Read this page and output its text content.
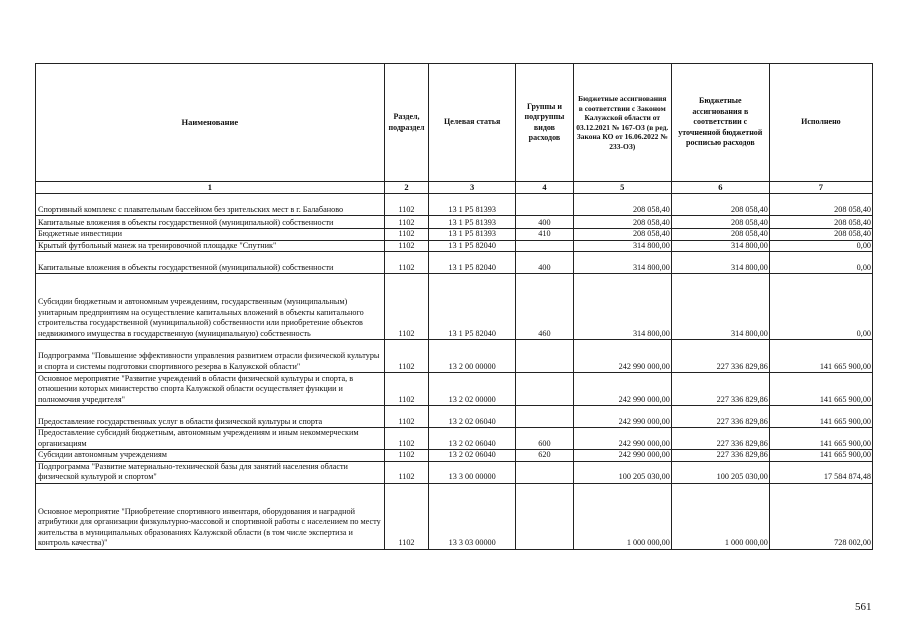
Наименование	Раздел, подраздел	Целевая статья	Группы и подгруппы видов расходов	Бюджетные ассигнования в соответствии с Законом Калужской области от 03.12.2021 № 167-ОЗ (в ред. Закона КО от 16.06.2022 № 233-ОЗ)	Бюджетные ассигнования в соответствии с уточненной бюджетной росписью расходов	Исполнено
1	2	3	4	5	6	7
Спортивный комплекс с плавательным бассейном без зрительских мест в г. Балабаново	1102	13 1 P5 81393		208 058,40	208 058,40	208 058,40
Капитальные вложения в объекты государственной (муниципальной) собственности	1102	13 1 P5 81393	400	208 058,40	208 058,40	208 058,40
Бюджетные инвестиции	1102	13 1 P5 81393	410	208 058,40	208 058,40	208 058,40
Крытый футбольный манеж на тренировочной площадке "Спутник"	1102	13 1 P5 82040		314 800,00	314 800,00	0,00
Капитальные вложения в объекты государственной (муниципальной) собственности	1102	13 1 P5 82040	400	314 800,00	314 800,00	0,00
Субсидии бюджетным и автономным учреждениям, государственным (муниципальным) унитарным предприятиям на осуществление капитальных вложений в объекты капитального строительства государственной (муниципальной) собственности или приобретение объектов недвижимого имущества в государственную (муниципальную) собственность	1102	13 1 P5 82040	460	314 800,00	314 800,00	0,00
Подпрограмма "Повышение эффективности управления развитием отрасли физической культуры и спорта и системы подготовки спортивного резерва в Калужской области"	1102	13 2 00 00000		242 990 000,00	227 336 829,86	141 665 900,00
Основное мероприятие "Развитие учреждений в области физической культуры и спорта, в отношении которых министерство спорта Калужской области осуществляет функции и полномочия учредителя"	1102	13 2 02 00000		242 990 000,00	227 336 829,86	141 665 900,00
Предоставление государственных услуг в области физической культуры и спорта	1102	13 2 02 06040		242 990 000,00	227 336 829,86	141 665 900,00
Предоставление субсидий бюджетным, автономным учреждениям и иным некоммерческим организациям	1102	13 2 02 06040	600	242 990 000,00	227 336 829,86	141 665 900,00
Субсидии автономным учреждениям	1102	13 2 02 06040	620	242 990 000,00	227 336 829,86	141 665 900,00
Подпрограмма "Развитие материально-технической базы для занятий населения области физической культурой и спортом"	1102	13 3 00 00000		100 205 030,00	100 205 030,00	17 584 874,48
Основное мероприятие "Приобретение спортивного инвентаря, оборудования и наградной атрибутики для организации физкультурно-массовой и спортивной работы с населением по месту жительства в муниципальных образованиях Калужской области (в том числе экспертиза и контроль качества)"	1102	13 3 03 00000		1 000 000,00	1 000 000,00	728 002,00
561
